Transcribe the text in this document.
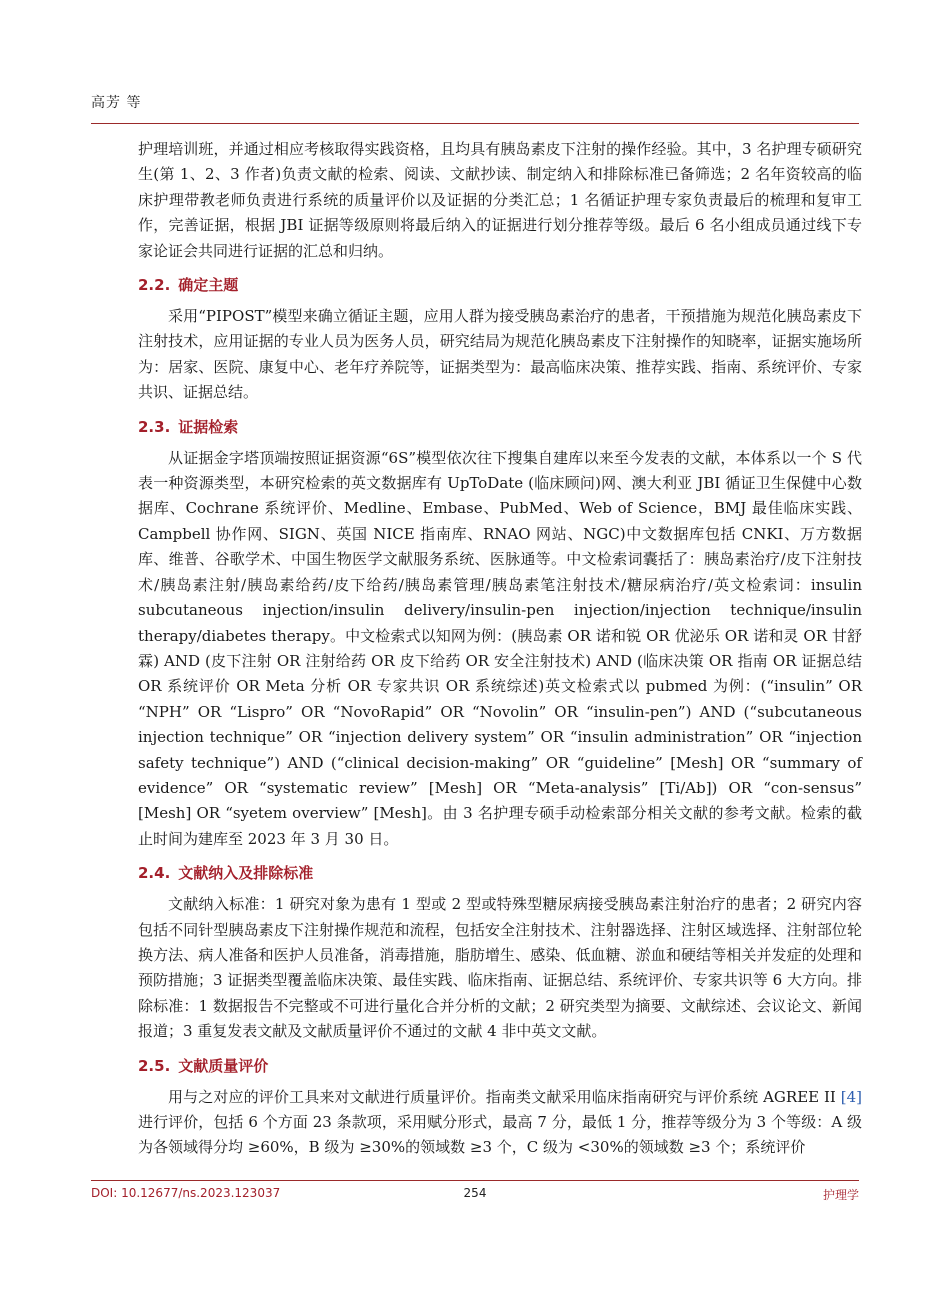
高芳 等

护理培训班，并通过相应考核取得实践资格，且均具有胰岛素皮下注射的操作经验。其中，3 名护理专硕研究生(第 1、2、3 作者)负责文献的检索、阅读、文献抄读、制定纳入和排除标准已备筛选；2 名年资较高的临床护理带教老师负责进行系统的质量评价以及证据的分类汇总；1 名循证护理专家负责最后的梳理和复审工作，完善证据，根据 JBI 证据等级原则将最后纳入的证据进行划分推荐等级。最后 6 名小组成员通过线下专家论证会共同进行证据的汇总和归纳。

2.2. 确定主题

采用“PIPOST”模型来确立循证主题，应用人群为接受胰岛素治疗的患者，干预措施为规范化胰岛素皮下注射技术，应用证据的专业人员为医务人员，研究结局为规范化胰岛素皮下注射操作的知晓率，证据实施场所为：居家、医院、康复中心、老年疗养院等，证据类型为：最高临床决策、推荐实践、指南、系统评价、专家共识、证据总结。

2.3. 证据检索

从证据金字塔顶端按照证据资源“6S”模型依次往下搜集自建库以来至今发表的文献，本体系以一个 S 代表一种资源类型，本研究检索的英文数据库有 UpToDate (临床顾问)网、澳大利亚 JBI 循证卫生保健中心数据库、Cochrane 系统评价、Medline、Embase、PubMed、Web of Science，BMJ 最佳临床实践、Campbell 协作网、SIGN、英国 NICE 指南库、RNAO 网站、NGC)中文数据库包括 CNKI、万方数据库、维普、谷歌学术、中国生物医学文献服务系统、医脉通等。中文检索词囊括了：胰岛素治疗/皮下注射技术/胰岛素注射/胰岛素给药/皮下给药/胰岛素管理/胰岛素笔注射技术/糖尿病治疗/英文检索词：insulin subcutaneous injection/insulin delivery/insulin-pen injection/injection technique/insulin therapy/diabetes therapy。中文检索式以知网为例：(胰岛素 OR 诺和锐 OR 优泌乐 OR 诺和灵 OR 甘舒霖) AND (皮下注射 OR 注射给药 OR 皮下给药 OR 安全注射技术) AND (临床决策 OR 指南 OR 证据总结 OR 系统评价 OR Meta 分析 OR 专家共识 OR 系统综述)英文检索式以 pubmed 为例：(“insulin” OR “NPH” OR “Lispro” OR “NovoRapid” OR “Novolin” OR “insulin-pen”) AND (“subcutaneous injection technique” OR “injection delivery system” OR “insulin administration” OR “injection safety technique”) AND (“clinical decision-making” OR “guideline” [Mesh] OR “summary of evidence” OR “systematic review” [Mesh] OR “Meta-analysis” [Ti/Ab]) OR “con-sensus” [Mesh] OR “syetem overview” [Mesh]。由 3 名护理专硕手动检索部分相关文献的参考文献。检索的截止时间为建库至 2023 年 3 月 30 日。

2.4. 文献纳入及排除标准

文献纳入标准：1 研究对象为患有 1 型或 2 型或特殊型糖尿病接受胰岛素注射治疗的患者；2 研究内容包括不同针型胰岛素皮下注射操作规范和流程，包括安全注射技术、注射器选择、注射区域选择、注射部位轮换方法、病人准备和医护人员准备，消毒措施，脂肪增生、感染、低血糖、淤血和硬结等相关并发症的处理和预防措施；3 证据类型覆盖临床决策、最佳实践、临床指南、证据总结、系统评价、专家共识等 6 大方向。排除标准：1 数据报告不完整或不可进行量化合并分析的文献；2 研究类型为摘要、文献综述、会议论文、新闻报道；3 重复发表文献及文献质量评价不通过的文献 4 非中英文文献。

2.5. 文献质量评价

用与之对应的评价工具来对文献进行质量评价。指南类文献采用临床指南研究与评价系统 AGREE II [4]进行评价，包括 6 个方面 23 条款项，采用赋分形式，最高 7 分，最低 1 分，推荐等级分为 3 个等级：A 级为各领域得分均 ≥60%，B 级为 ≥30%的领域数 ≥3 个，C 级为 <30%的领域数 ≥3 个；系统评价

DOI: 10.12677/ns.2023.123037	254	护理学
